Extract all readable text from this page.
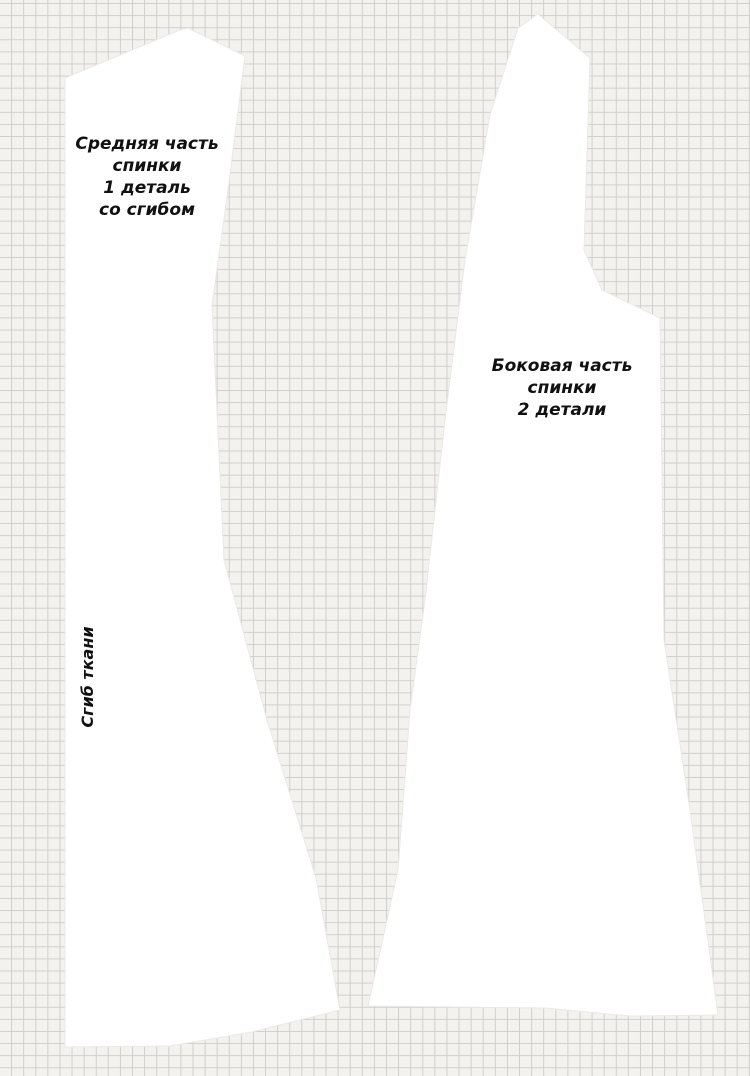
Средняя часть
спинки
1 деталь
со сгибом

Боковая часть
спинки
2 детали

Сгиб ткани
